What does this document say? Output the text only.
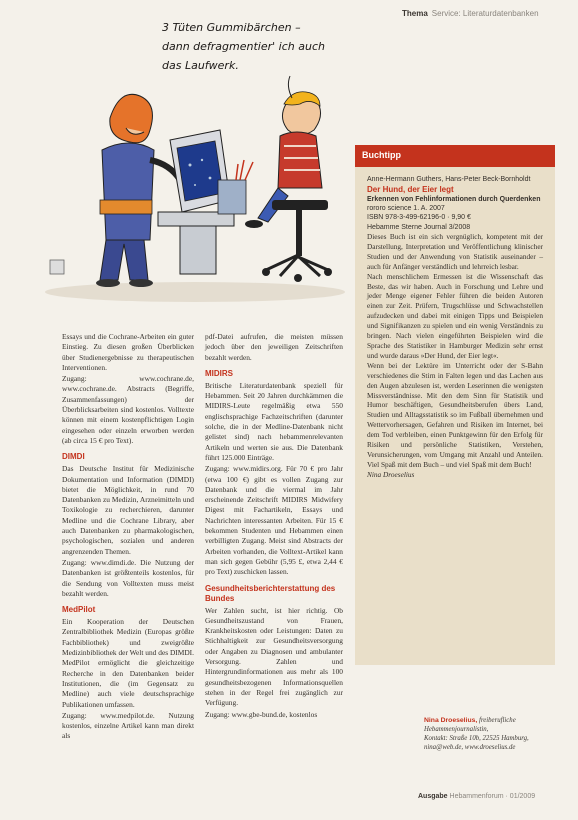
Thema Service: Literaturdatenbanken
3 Tüten Gummibärchen –
dann defragmentier' ich auch
das Laufwerk.

Essays und die Cochrane-Arbeiten ein guter Einstieg. Zu diesen großen Überblicken über Studienergebnisse zu therapeutischen Interventionen.

Zugang: www.cochrane.de, www.cochrane.de. Abstracts (Begriffe, Zusammenfassungen) der Überblicksarbeiten sind kostenlos. Volltexte können mit einem kostenpflichtigen Login eingesehen oder einzeln erworben werden (ab circa 15 € pro Text).

DIMDI

Das Deutsche Institut für Medizinische Dokumentation und Information (DIMDI) bietet die Möglichkeit, in rund 70 Datenbanken zu Medizin, Arzneimitteln und Toxikologie zu recherchieren, darunter Medline und die Cochrane Library, aber auch Datenbanken zu pharmakologischen, psychologischen, sozialen und anderen angrenzenden Themen.

Zugang: www.dimdi.de. Die Nutzung der Datenbanken ist größtenteils kostenlos, für die Sendung von Volltexten muss meist bezahlt werden.

MedPilot

Ein Kooperation der Deutschen Zentralbibliothek Medizin (Europas größte Fachbibliothek) und zweigrößte Medizinbibliothek der Welt und des DIMDI. MedPilot ermöglicht die gleichzeitige Recherche in den Datenbanken beider Institutionen, die (im Gegensatz zu Medline) auch viele deutschsprachige Publikationen umfassen.

Zugang: www.medpilot.de. Nutzung kostenlos, einzelne Artikel kann man direkt als

pdf-Datei aufrufen, die meisten müssen jedoch über den jeweiligen Zeitschriften bezahlt werden.

MIDIRS

Britische Literaturdatenbank speziell für Hebammen. Seit 20 Jahren durchkämmen die MIDIRS-Leute regelmäßig etwa 550 englischsprachige Fachzeitschriften (darunter solche, die in der Medline-Datenbank nicht gelistet sind) nach hebammenrelevanten Artikeln und werten sie aus. Die Datenbank führt 125.000 Einträge.

Zugang: www.midirs.org. Für 70 € pro Jahr (etwa 100 €) gibt es vollen Zugang zur Datenbank und die viermal im Jahr erscheinende Zeitschrift MIDIRS Midwifery Digest mit Fachartikeln, Essays und Nachrichten interessanten Arbeiten. Für 15 € bekommen Studenten und Hebammen einen verbilligten Zugang. Meist sind Abstracts der Arbeiten vorhanden, die Volltext-Artikel kann man sich gegen Gebühr (5,95 £, etwa 2,44 € pro Text) zuschicken lassen.

Gesundheitsberichterstattung des Bundes

Wer Zahlen sucht, ist hier richtig. Ob Gesundheitszustand von Frauen, Krankheitskosten oder Leistungen: Daten zu Stichhaltigkeit zur Gesundheitsversorgung oder Angaben zu Diagnosen und ambulanter Versorgung. Zahlen und Hintergrundinformationen aus mehr als 100 gesundheitsbezogenen Informationsquellen stehen in der Regel frei zugänglich zur Verfügung.

Zugang: www.gbe-bund.de, kostenlos

Buchtipp

Anne-Hermann Guthers, Hans-Peter Beck-Bornholdt

Der Hund, der Eier legt

Erkennen von Fehlinformationen durch Querdenken

rororo science 1. A. 2007

ISBN 978-3-499-62196-0 · 9,90 €

Hebamme Sterne Journal 3/2008

Dieses Buch ist ein sich vergnüglich, kompetent mit der Darstellung, Interpretation und Veröffentlichung klinischer Studien und der Anwendung von Statistik auseinander – auch für Anfänger verständlich und lehrreich lesbar.

Nach menschlichem Ermessen ist die Wissenschaft das Beste, das wir haben. Auch in Forschung und Lehre und jeder Menge eigener Fehler führen die beiden Autoren einen zur Zeit. Prüfern, Trugschlüsse und Schwachstellen aufzudecken und dabei mit einigen Tipps und Beispielen und Signifikanzen zu spielen und ein wenig Verständnis zu bringen. Nach vielen eingeführten Beispielen wird die Sprache des Statistiker in Hamburger Medizin sehr ernst und wurde daraus »Der Hund, der Eier legt«.

Wenn bei der Lektüre im Unterricht oder der S-Bahn verschiedenes die Stirn in Falten legen und das Lachen aus den Augen abzulesen ist, werden Leserinnen die wenigsten Missverständnisse. Mit den dem Sinn für Statistik und Humor beschäftigen, Gesundheitsberufen übers Land, Studien und Alltagsstatistik so im Fußball übernehmen und Wettervorhersagen, Gefahren und Risiken im Internet, bei dem Tod verbleiben, einen Punktgewinn für den Erfolg für Risiken und persönliche Statistiken, Verstehen, Verunsicherungen, vom Umgang mit Anzahl und Anteilen. Viel Spaß mit dem Buch – und viel Spaß mit dem Buch!

Nina Droeselius

Nina Droeselius, freiberufliche Hebammenjournalistin,
Kontakt: Straße 10b, 22525 Hamburg,
nina@web.de, www.droeselius.de
Ausgabe Hebammenforum · 01/2009
